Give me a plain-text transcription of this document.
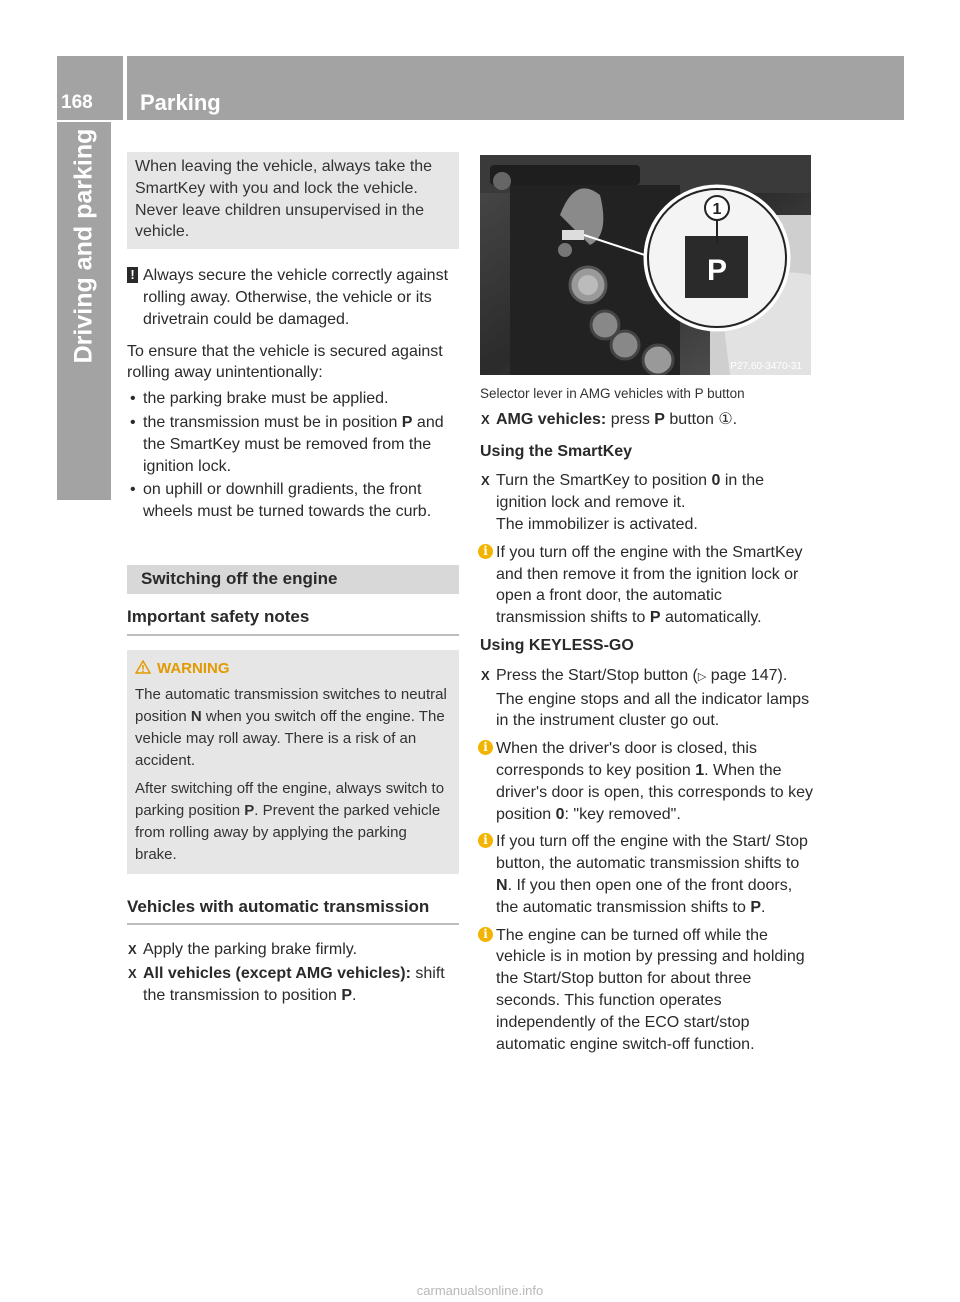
168 Parking
Driving and parking When leaving the vehicle, always take the SmartKey with you and lock the vehicle. Never leave children unsupervised in the vehicle.

! Always secure the vehicle correctly against rolling away. Otherwise, the vehicle or its drivetrain could be damaged.

To ensure that the vehicle is secured against rolling away unintentionally:

• the parking brake must be applied.

• the transmission must be in position P and the SmartKey must be removed from the ignition lock.

• on uphill or downhill gradients, the front wheels must be turned towards the curb.

Switching off the engine
Important safety notes
WARNING

The automatic transmission switches to neutral position N when you switch off the engine. The vehicle may roll away. There is a risk of an accident.

After switching off the engine, always switch to parking position P. Prevent the parked vehicle from rolling away by applying the parking brake.

Vehicles with automatic transmission

X Apply the parking brake firmly.

X All vehicles (except AMG vehicles): shift the transmission to position P.

1
P
P27.60-3470-31

Selector lever in AMG vehicles with P button

X AMG vehicles: press P button ①.

Using the SmartKey

X Turn the SmartKey to position 0 in the ignition lock and remove it.
The immobilizer is activated.

i If you turn off the engine with the SmartKey and then remove it from the ignition lock or open a front door, the automatic transmission shifts to P automatically.

Using KEYLESS-GO

X Press the Start/Stop button (▷ page 147).
The engine stops and all the indicator lamps in the instrument cluster go out.

i When the driver's door is closed, this corresponds to key position 1. When the driver's door is open, this corresponds to key position 0: "key removed".

i If you turn off the engine with the Start/ Stop button, the automatic transmission shifts to N. If you then open one of the front doors, the automatic transmission shifts to P.

i The engine can be turned off while the vehicle is in motion by pressing and holding the Start/Stop button for about three seconds. This function operates independently of the ECO start/stop automatic engine switch-off function.

carmanualsonline.info
